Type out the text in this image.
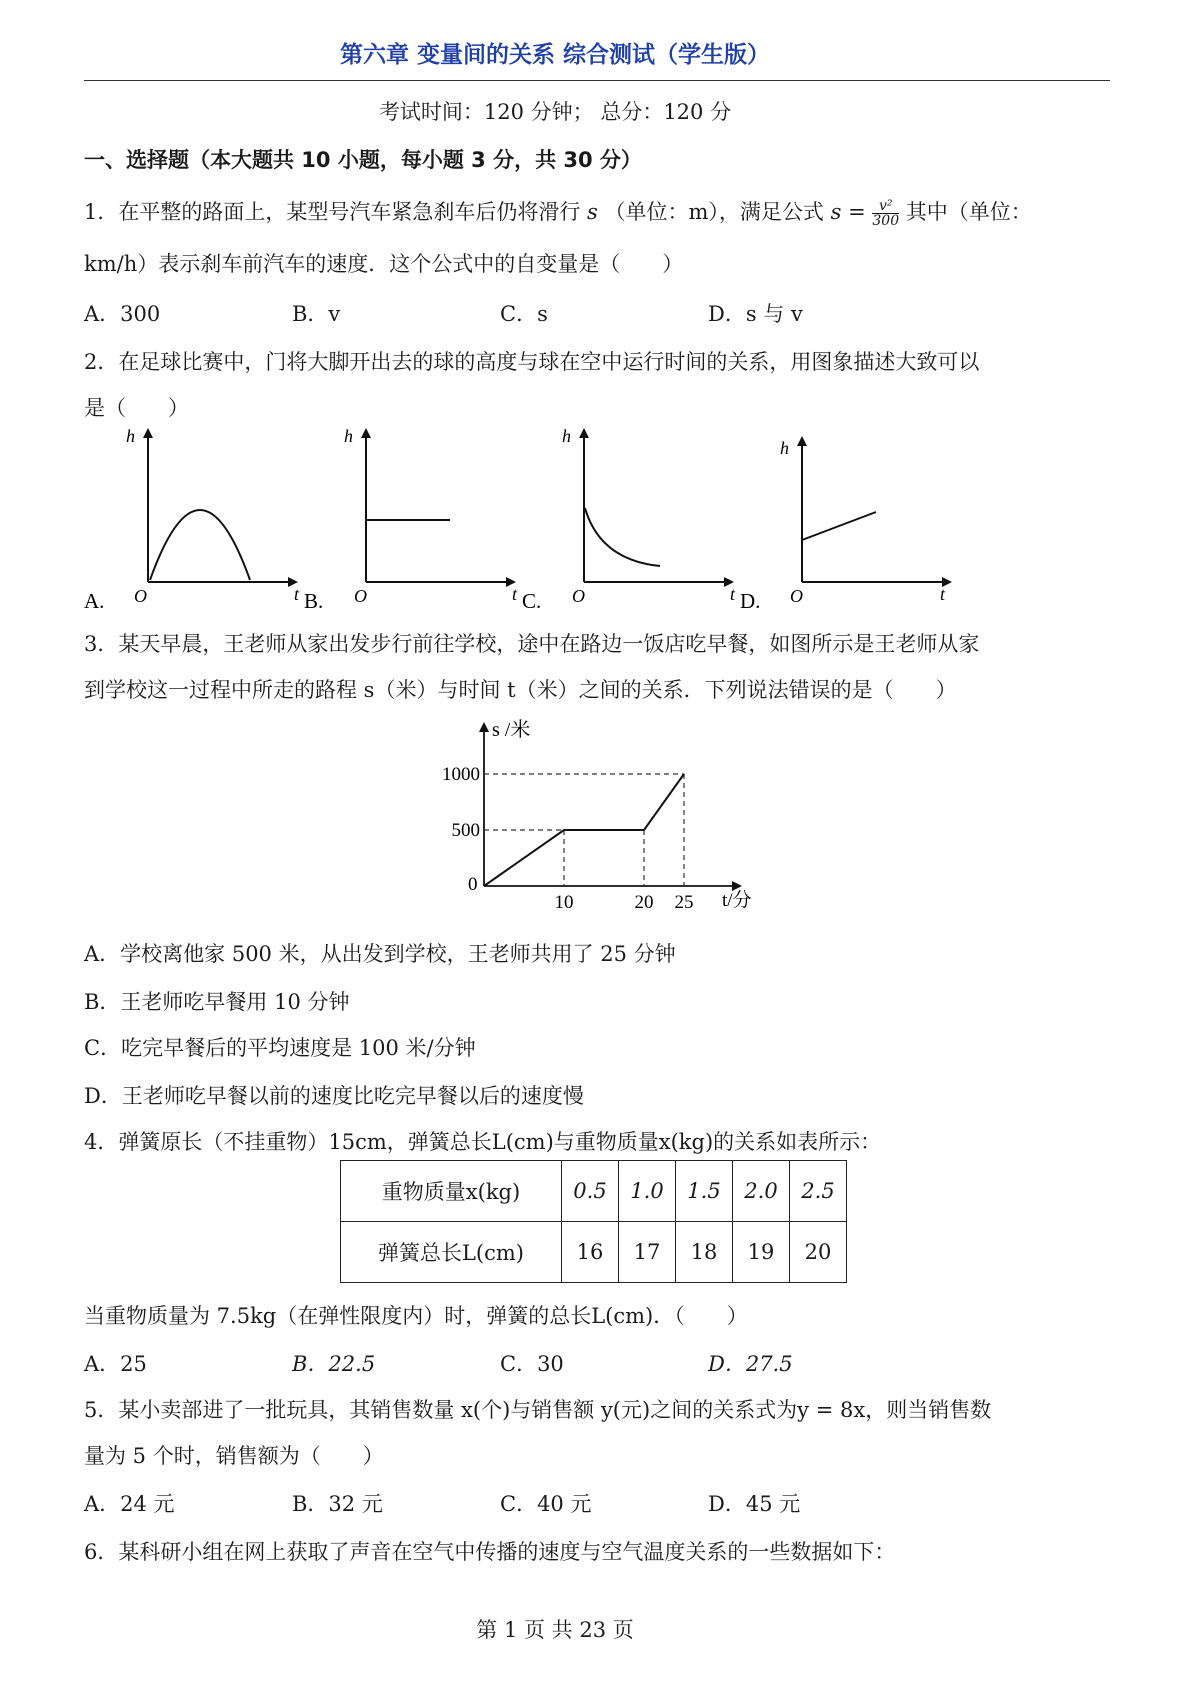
第六章 变量间的关系 综合测试（学生版）
考试时间：120 分钟； 总分：120 分
一、选择题（本大题共 10 小题，每小题 3 分，共 30 分）
1．在平整的路面上，某型号汽车紧急刹车后仍将滑行 s （单位：m），满足公式 $s = \frac{\text{v²}}{300}$ 其中（单位：
km/h）表示刹车前汽车的速度．这个公式中的自变量是（　　）
A．300	B．v	C．s	D．s 与 v
2．在足球比赛中，门将大脚开出去的球的高度与球在空中运行时间的关系，用图象描述大致可以
是（　　）
h
O	t
A.
h
O	t
B.
h
O	t
C.
h
O	t
D.
3．某天早晨，王老师从家出发步行前往学校，途中在路边一饭店吃早餐，如图所示是王老师从家
到学校这一过程中所走的路程 s（米）与时间 t（米）之间的关系．下列说法错误的是（　　）
s /米
t/分
0
10	20 25
1000
500
A．学校离他家 500 米，从出发到学校，王老师共用了 25 分钟
B．王老师吃早餐用 10 分钟
C．吃完早餐后的平均速度是 100 米/分钟
D．王老师吃早餐以前的速度比吃完早餐以后的速度慢
4．弹簧原长（不挂重物）15cm，弹簧总长L(cm)与重物质量x(kg)的关系如表所示：
重物质量x(kg)	0.5	1.0	1.5	2.0	2.5
弹簧总长L(cm)	16	17	18	19	20
当重物质量为 7.5kg（在弹性限度内）时，弹簧的总长L(cm)．（　　）
A．25	B．22.5	C．30	D．27.5
5．某小卖部进了一批玩具，其销售数量 x(个)与销售额 y(元)之间的关系式为y = 8x，则当销售数
量为 5 个时，销售额为（　　）
A．24 元	B．32 元	C．40 元	D．45 元
6．某科研小组在网上获取了声音在空气中传播的速度与空气温度关系的一些数据如下：
第 1 页 共 23 页
